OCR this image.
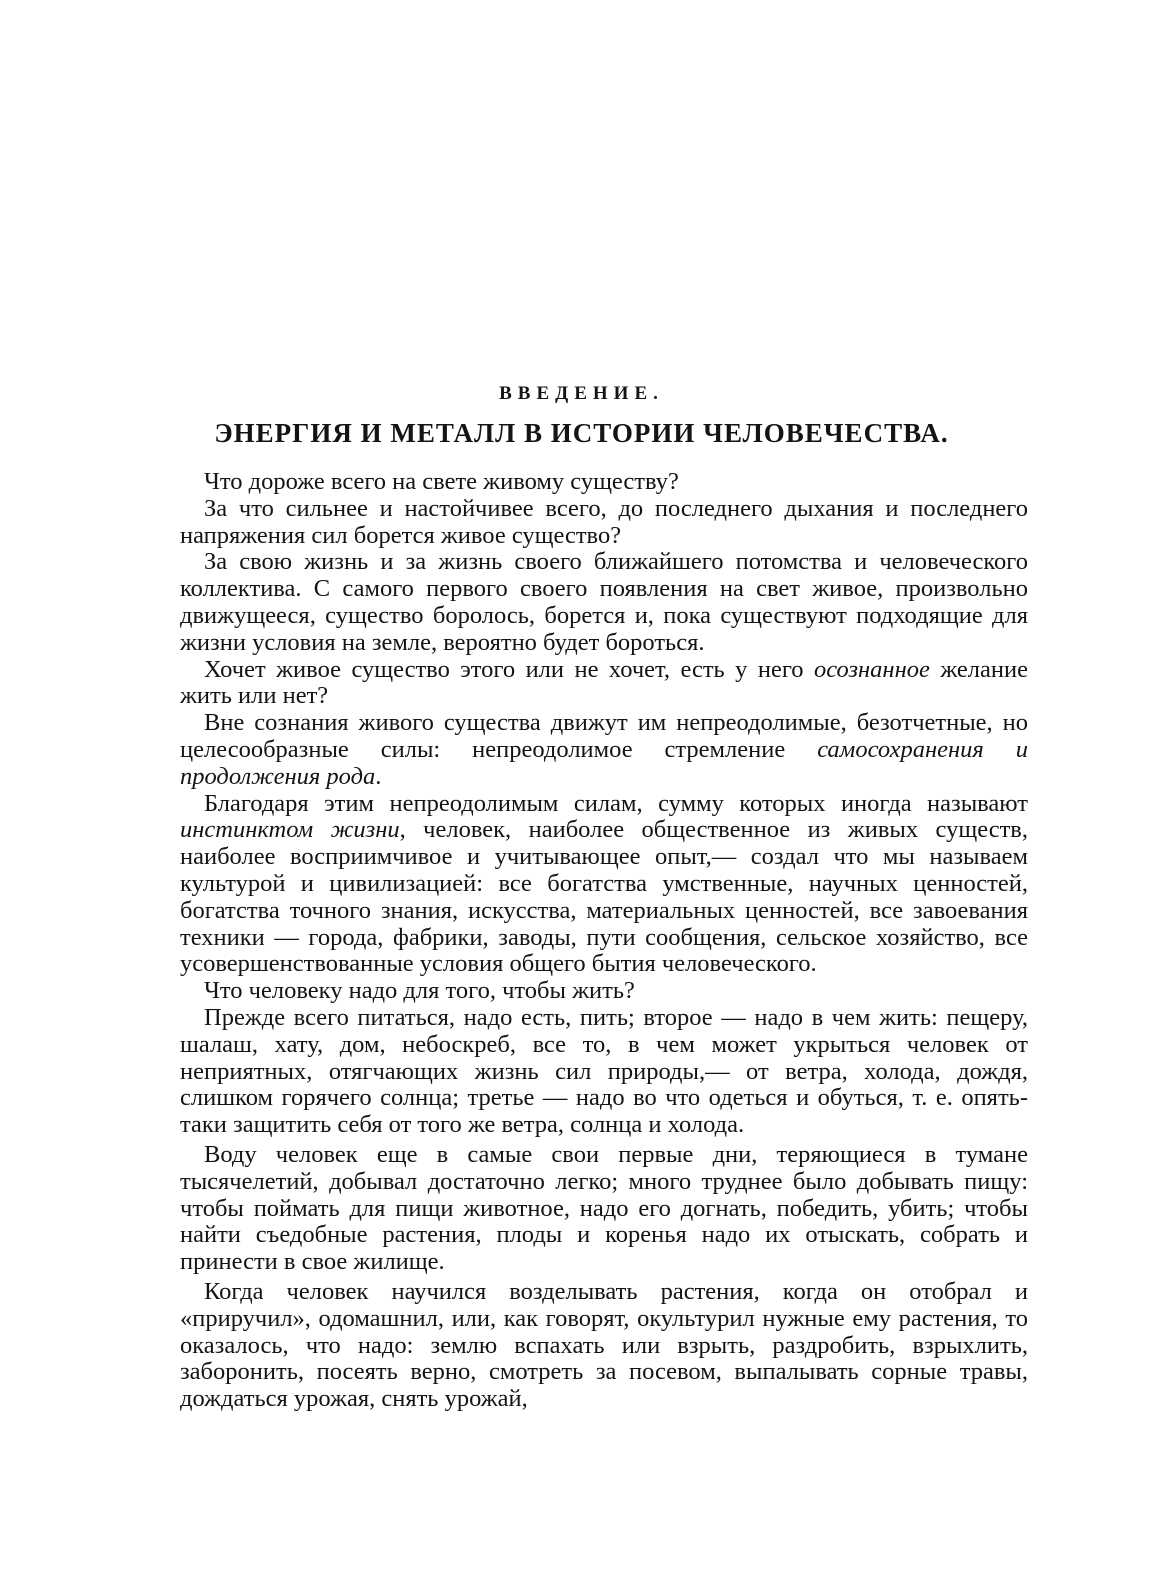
ВВЕДЕНИЕ.
ЭНЕРГИЯ И МЕТАЛЛ В ИСТОРИИ ЧЕЛОВЕЧЕСТВА.

Что дороже всего на свете живому существу?

За что сильнее и настойчивее всего, до последнего дыхания и последнего напряжения сил борется живое существо?

За свою жизнь и за жизнь своего ближайшего потомства и человеческого коллектива. С самого первого своего появления на свет живое, произвольно движущееся, существо боролось, борется и, пока существуют подходящие для жизни условия на земле, вероятно будет бороться.

Хочет живое существо этого или не хочет, есть у него осознанное желание жить или нет?

Вне сознания живого существа движут им непреодолимые, безотчетные, но целесообразные силы: непреодолимое стремление самосохранения и продолжения рода.

Благодаря этим непреодолимым силам, сумму которых иногда называют инстинктом жизни, человек, наиболее общественное из живых существ, наиболее восприимчивое и учитывающее опыт,— создал что мы называем культурой и цивилизацией: все богатства умственные, научных ценностей, богатства точного знания, искусства, материальных ценностей, все завоевания техники — города, фабрики, заводы, пути сообщения, сельское хозяйство, все усовершенствованные условия общего бытия человеческого.

Что человеку надо для того, чтобы жить?

Прежде всего питаться, надо есть, пить; второе — надо в чем жить: пещеру, шалаш, хату, дом, небоскреб, все то, в чем может укрыться человек от неприятных, отягчающих жизнь сил природы,— от ветра, холода, дождя, слишком горячего солнца; третье — надо во что одеться и обуться, т. е. опять-таки защитить себя от того же ветра, солнца и холода.

Воду человек еще в самые свои первые дни, теряющиеся в тумане тысячелетий, добывал достаточно легко; много труднее было добывать пищу: чтобы поймать для пищи животное, надо его догнать, победить, убить; чтобы найти съедобные растения, плоды и коренья надо их отыскать, собрать и принести в свое жилище.

Когда человек научился возделывать растения, когда он отобрал и «приручил», одомашнил, или, как говорят, окультурил нужные ему растения, то оказалось, что надо: землю вспахать или взрыть, раздробить, взрыхлить, заборонить, посеять верно, смотреть за посевом, выпалывать сорные травы, дождаться урожая, снять урожай,
